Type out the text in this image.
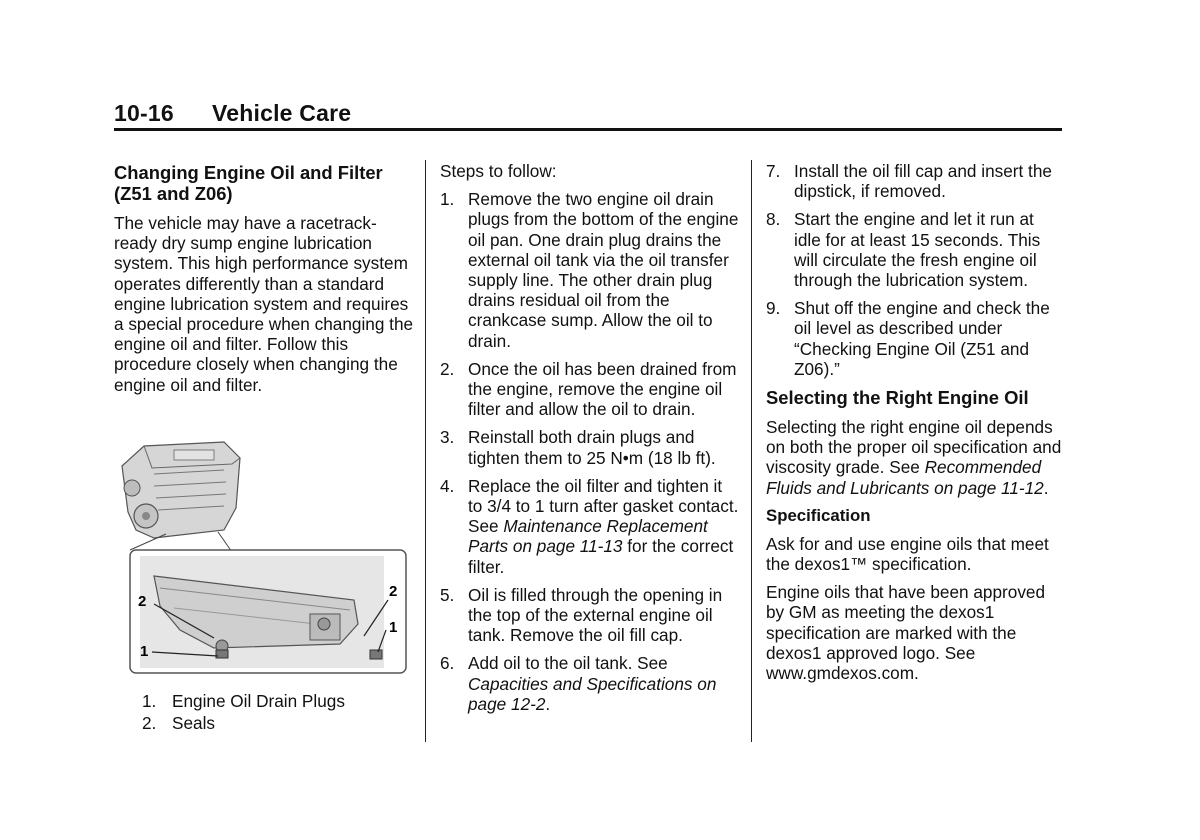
10-16 Vehicle Care
Changing Engine Oil and Filter (Z51 and Z06)

The vehicle may have a racetrack-ready dry sump engine lubrication system. This high performance system operates differently than a standard engine lubrication system and requires a special procedure when changing the engine oil and filter. Follow this procedure closely when changing the engine oil and filter.

1
2
1
2
1. Engine Oil Drain Plugs
2. Seals

Steps to follow:

1. Remove the two engine oil drain plugs from the bottom of the engine oil pan. One drain plug drains the external oil tank via the oil transfer supply line. The other drain plug drains residual oil from the crankcase sump. Allow the oil to drain.
2. Once the oil has been drained from the engine, remove the engine oil filter and allow the oil to drain.
3. Reinstall both drain plugs and tighten them to 25 N•m (18 lb ft).
4. Replace the oil filter and tighten it to 3/4 to 1 turn after gasket contact. See Maintenance Replacement Parts on page 11-13 for the correct filter.
5. Oil is filled through the opening in the top of the external engine oil tank. Remove the oil fill cap.
6. Add oil to the oil tank. See Capacities and Specifications on page 12-2.
7. Install the oil fill cap and insert the dipstick, if removed.
8. Start the engine and let it run at idle for at least 15 seconds. This will circulate the fresh engine oil through the lubrication system.
9. Shut off the engine and check the oil level as described under “Checking Engine Oil (Z51 and Z06).”
Selecting the Right Engine Oil

Selecting the right engine oil depends on both the proper oil specification and viscosity grade. See Recommended Fluids and Lubricants on page 11-12.

Specification

Ask for and use engine oils that meet the dexos1™ specification.

Engine oils that have been approved by GM as meeting the dexos1 specification are marked with the dexos1 approved logo. See www.gmdexos.com.
